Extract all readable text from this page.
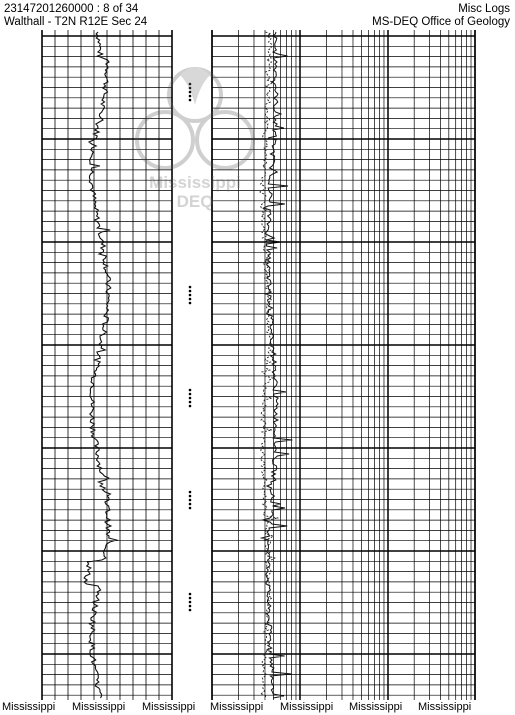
23147201260000 : 8 of 34
Walthall - T2N R12E Sec 24
Misc Logs
MS-DEQ Office of Geology
Mississippi
DEQ
Mississippi Mississippi Mississippi Mississippi Mississippi Mississippi Mississippi
